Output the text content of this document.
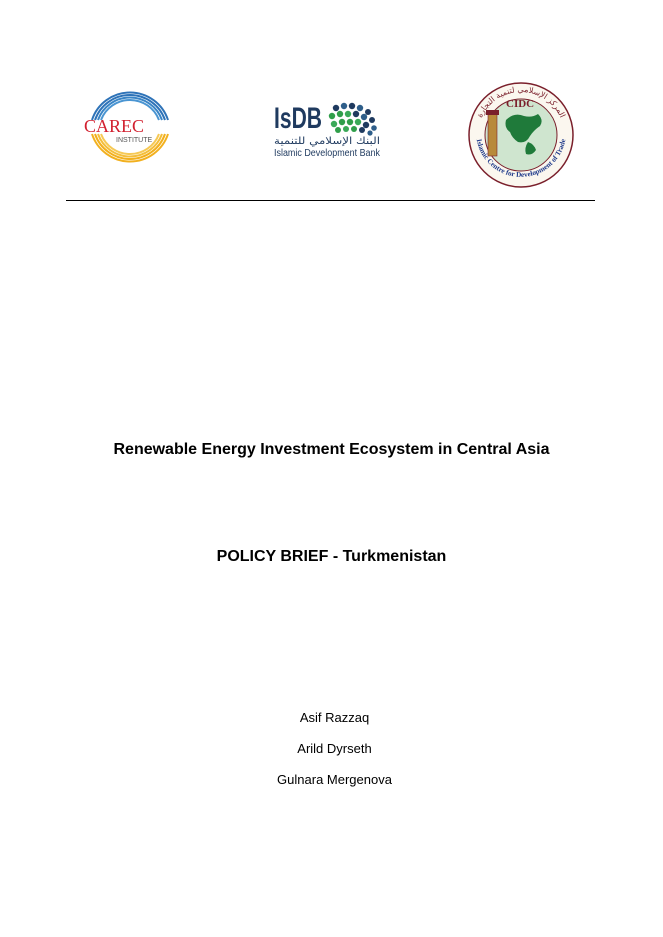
CAREC
INSTITUTE
IsDB
البنك الإسلامي للتنمية
Islamic Development Bank
CIDC
المركز الإسلامي لتنمية التجارة
Islamic Centre for Development of Trade
Renewable Energy Investment Ecosystem in Central Asia
POLICY BRIEF - Turkmenistan
Asif Razzaq
Arild Dyrseth
Gulnara Mergenova
